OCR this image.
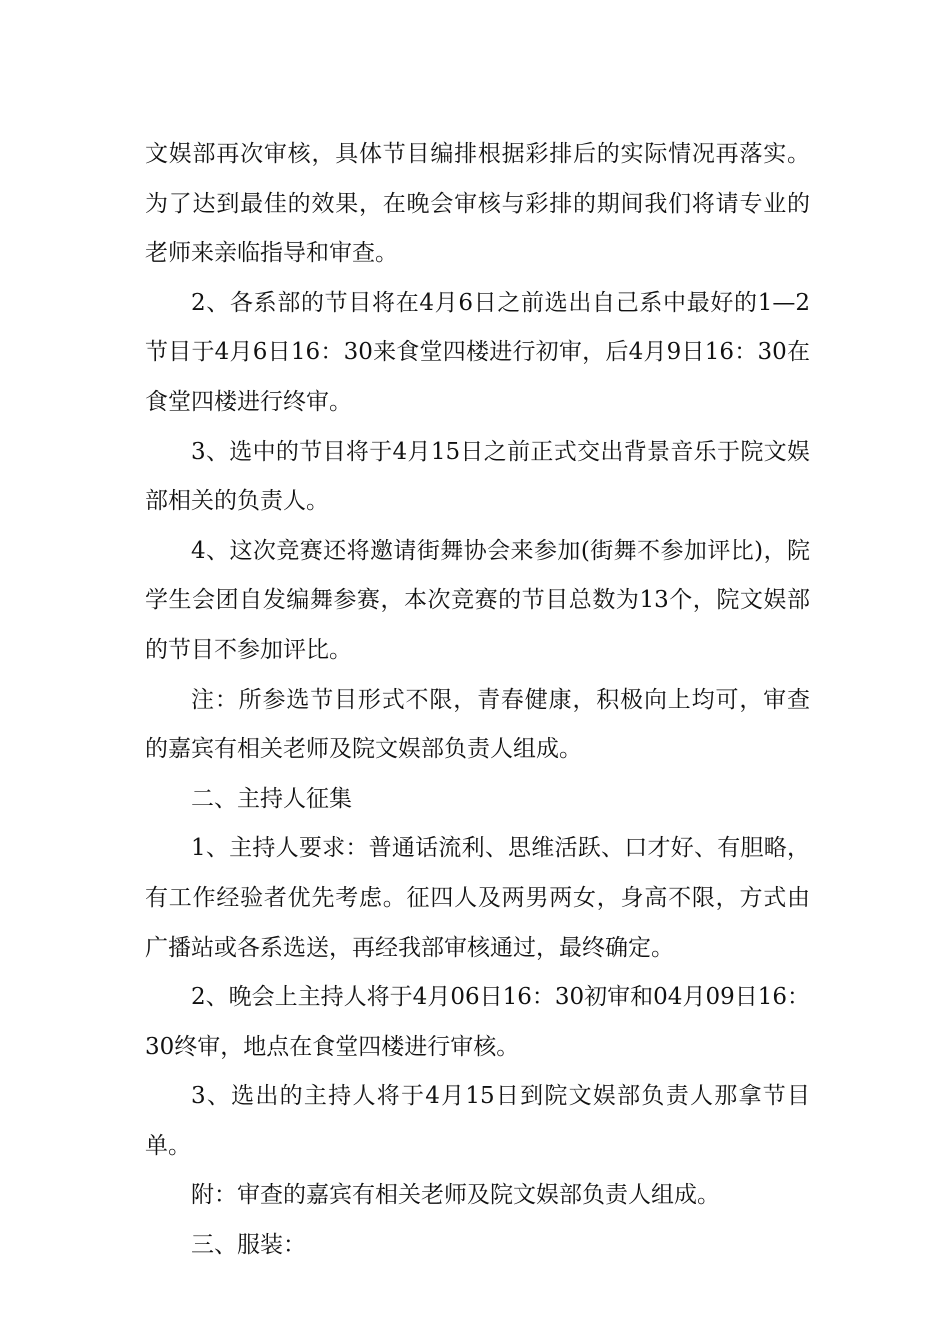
文娱部再次审核，具体节目编排根据彩排后的实际情况再落实。为了达到最佳的效果，在晚会审核与彩排的期间我们将请专业的老师来亲临指导和审查。

2、各系部的节目将在4月6日之前选出自己系中最好的1—2节目于4月6日16：30来食堂四楼进行初审，后4月9日16：30在食堂四楼进行终审。

3、选中的节目将于4月15日之前正式交出背景音乐于院文娱部相关的负责人。

4、这次竞赛还将邀请街舞协会来参加(街舞不参加评比)，院学生会团自发编舞参赛，本次竞赛的节目总数为13个，院文娱部的节目不参加评比。

注：所参选节目形式不限，青春健康，积极向上均可，审查的嘉宾有相关老师及院文娱部负责人组成。

二、主持人征集

1、主持人要求：普通话流利、思维活跃、口才好、有胆略，有工作经验者优先考虑。征四人及两男两女，身高不限，方式由广播站或各系选送，再经我部审核通过，最终确定。

2、晚会上主持人将于4月06日16：30初审和04月09日16：30终审，地点在食堂四楼进行审核。

3、选出的主持人将于4月15日到院文娱部负责人那拿节目单。

附：审查的嘉宾有相关老师及院文娱部负责人组成。

三、服装：
